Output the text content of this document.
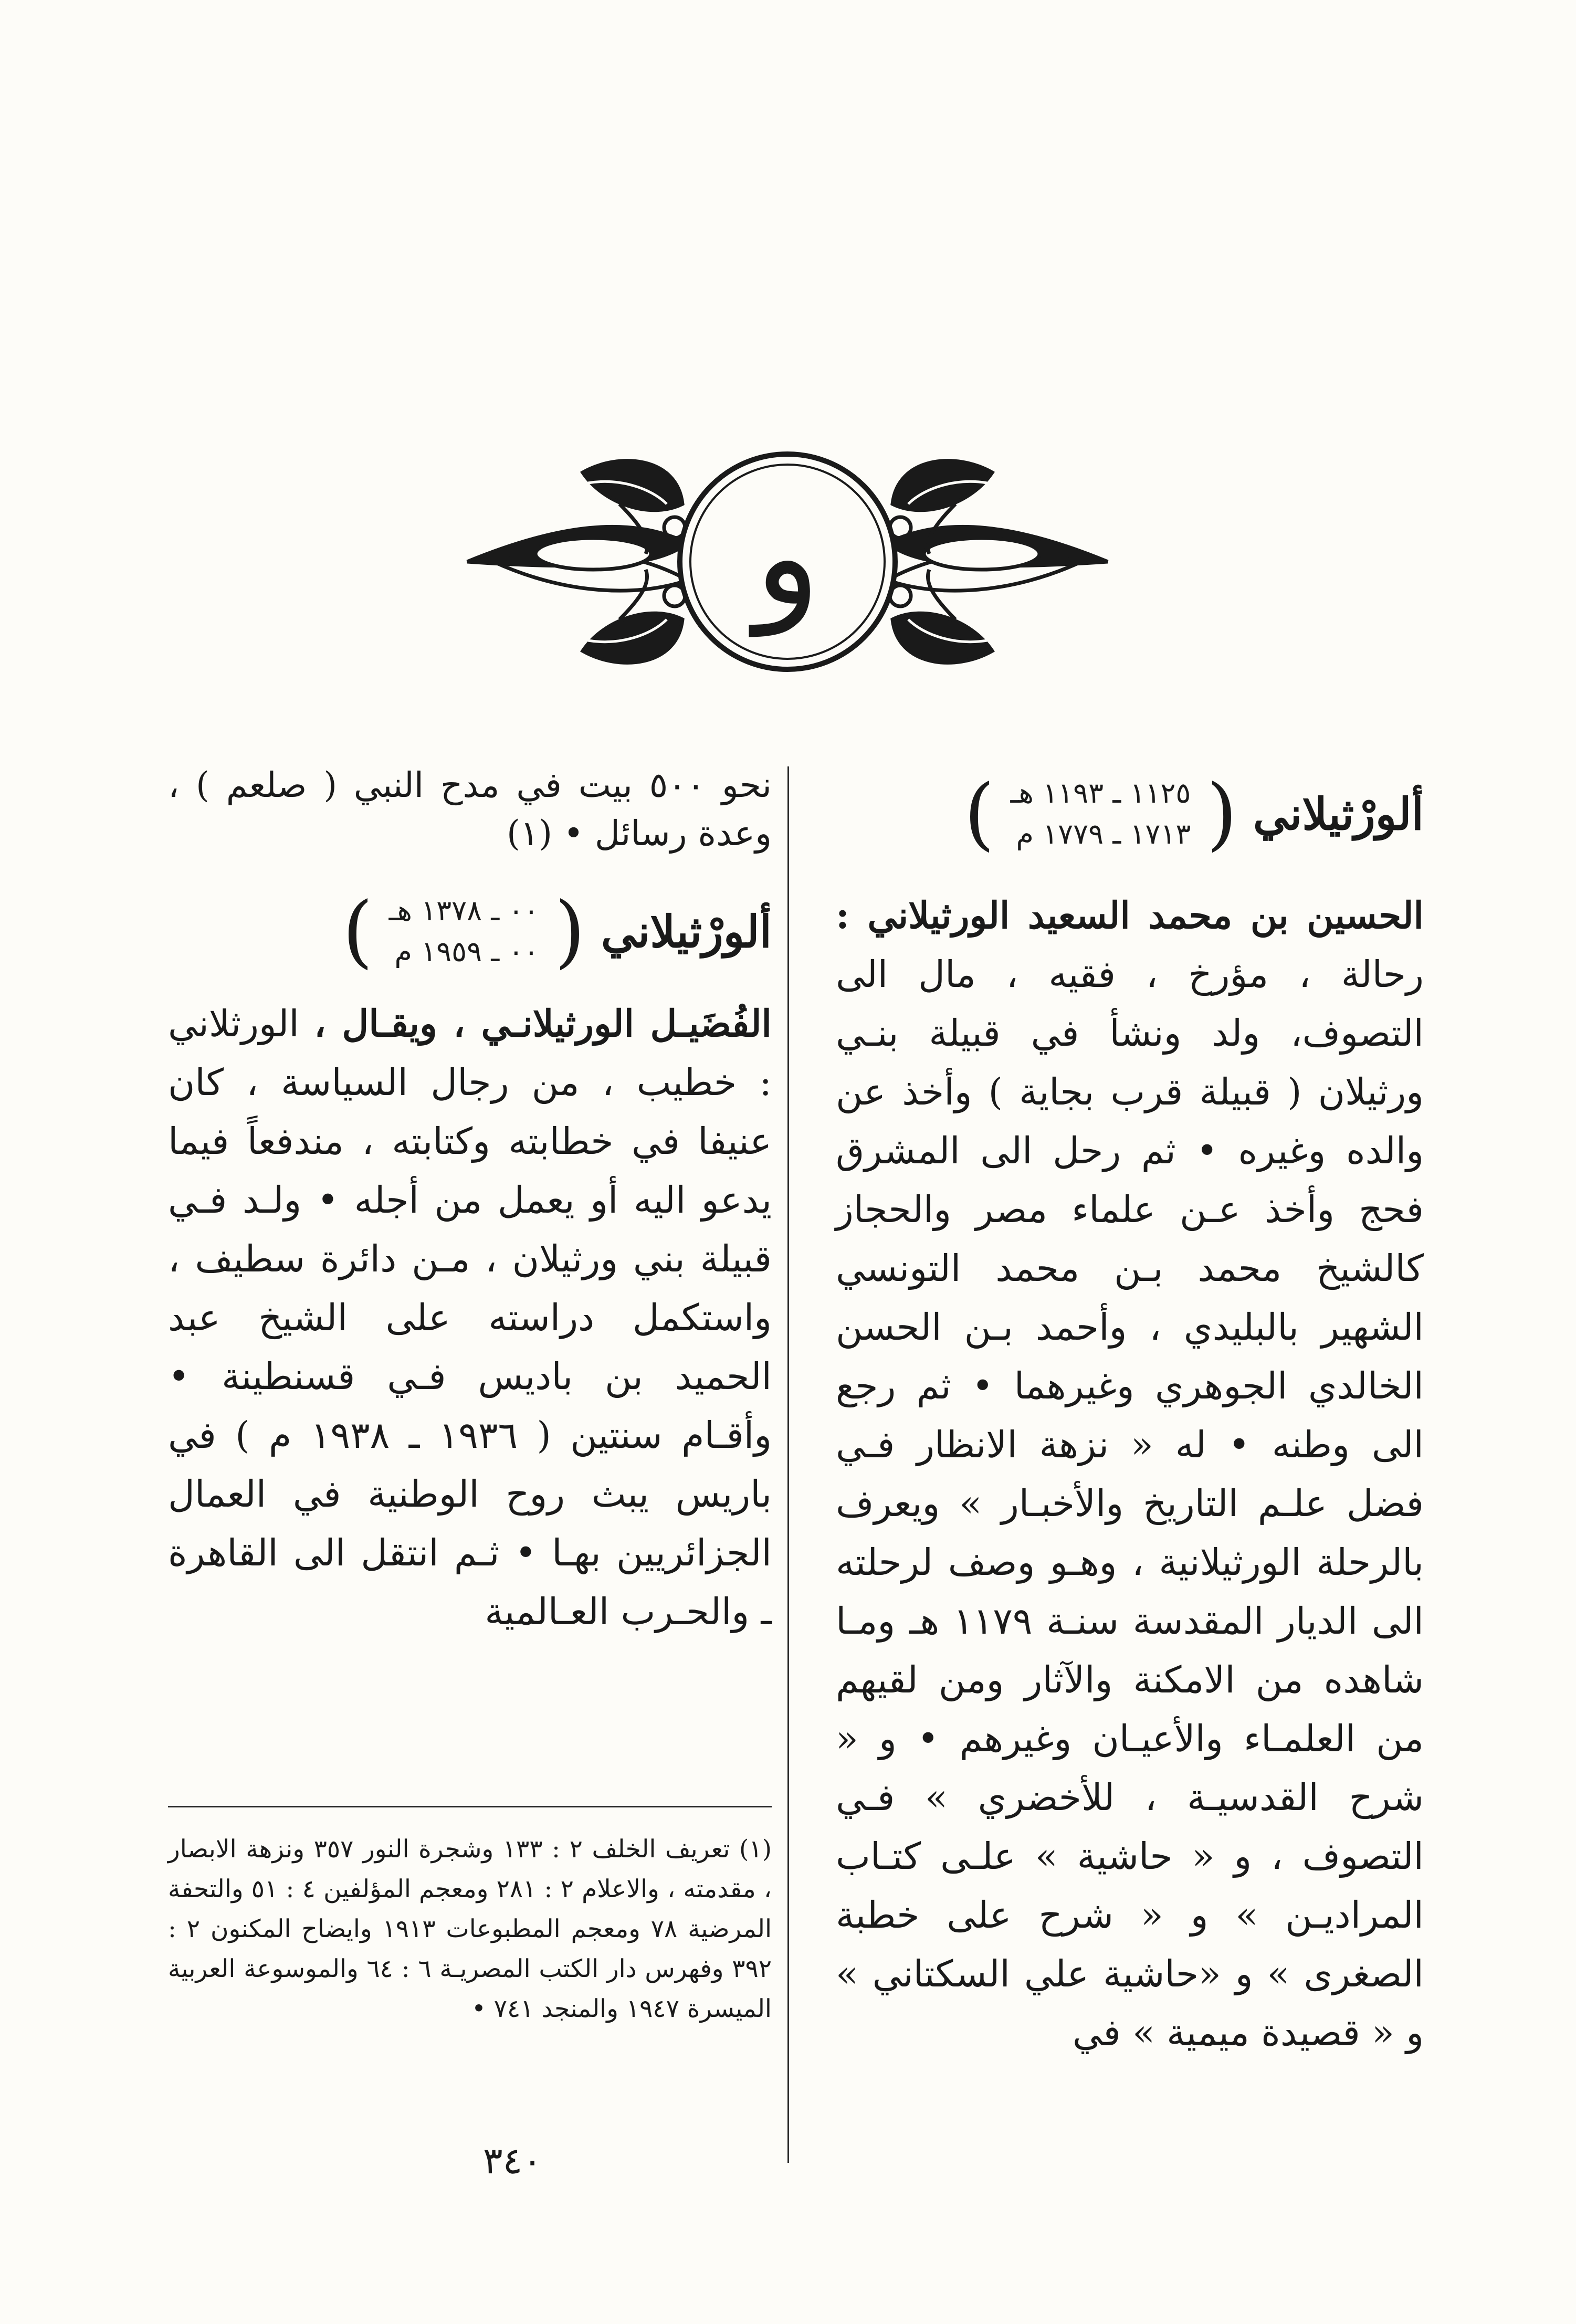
و
ألورْثيلاني
(
١١٢٥ ـ ١١٩٣ هـ
١٧١٣ ـ ١٧٧٩ م
)

الحسين بن محمد السعيد الورثيلاني : رحالة ، مؤرخ ، فقيه ، مال الى التصوف، ولد ونشأ في قبيلة بنـي ورثيلان ( قبيلة قرب بجاية ) وأخذ عن والده وغيره • ثم رحل الى المشرق فحج وأخذ عـن علماء مصر والحجاز كالشيخ محمد بـن محمد التونسي الشهير بالبليدي ، وأحمد بـن الحسن الخالدي الجوهري وغيرهما • ثم رجع الى وطنه • له « نزهة الانظار فـي فضل علـم التاريخ والأخبـار » ويعرف بالرحلة الورثيلانية ، وهـو وصف لرحلته الى الديار المقدسة سنـة ١١٧٩ هـ ومـا شاهده من الامكنة والآثار ومن لقيهم من العلمـاء والأعيـان وغيرهم • و « شرح القدسيـة ، للأخضري » فـي التصوف ، و « حاشية » علـى كتـاب المراديـن » و « شرح على خطبة الصغرى » و «حاشية علي السكتاني » و « قصيدة ميمية » في

نحو ٥٠٠ بيت في مدح النبي ( صلعم ) ، وعدة رسائل • (١)

ألورْثيلاني
(
٠٠ ـ ١٣٧٨ هـ
٠٠ ـ ١٩٥٩ م
)

الفُضَيـل الورثيلانـي ، ويقـال ، الورثلاني : خطيب ، من رجال السياسة ، كان عنيفا في خطابته وكتابته ، مندفعاً فيما يدعو اليه أو يعمل من أجله • ولـد فـي قبيلة بني ورثيلان ، مـن دائرة سطيف ، واستكمل دراسته على الشيخ عبد الحميد بن باديس فـي قسنطينة • وأقـام سنتين ( ١٩٣٦ ـ ١٩٣٨ م ) في باريس يبث روح الوطنية في العمال الجزائريين بهـا • ثـم انتقل الى القاهرة ـ والحـرب العـالمية

(١) تعريف الخلف ٢ : ١٣٣ وشجرة النور ٣٥٧ ونزهة الابصار ، مقدمته ، والاعلام ٢ : ٢٨١ ومعجم المؤلفين ٤ : ٥١ والتحفة المرضية ٧٨ ومعجم المطبوعات ١٩١٣ وايضاح المكنون ٢ : ٣٩٢ وفهرس دار الكتب المصريـة ٦ : ٦٤ والموسوعة العربية الميسرة ١٩٤٧ والمنجد ٧٤١ •
٣٤٠
